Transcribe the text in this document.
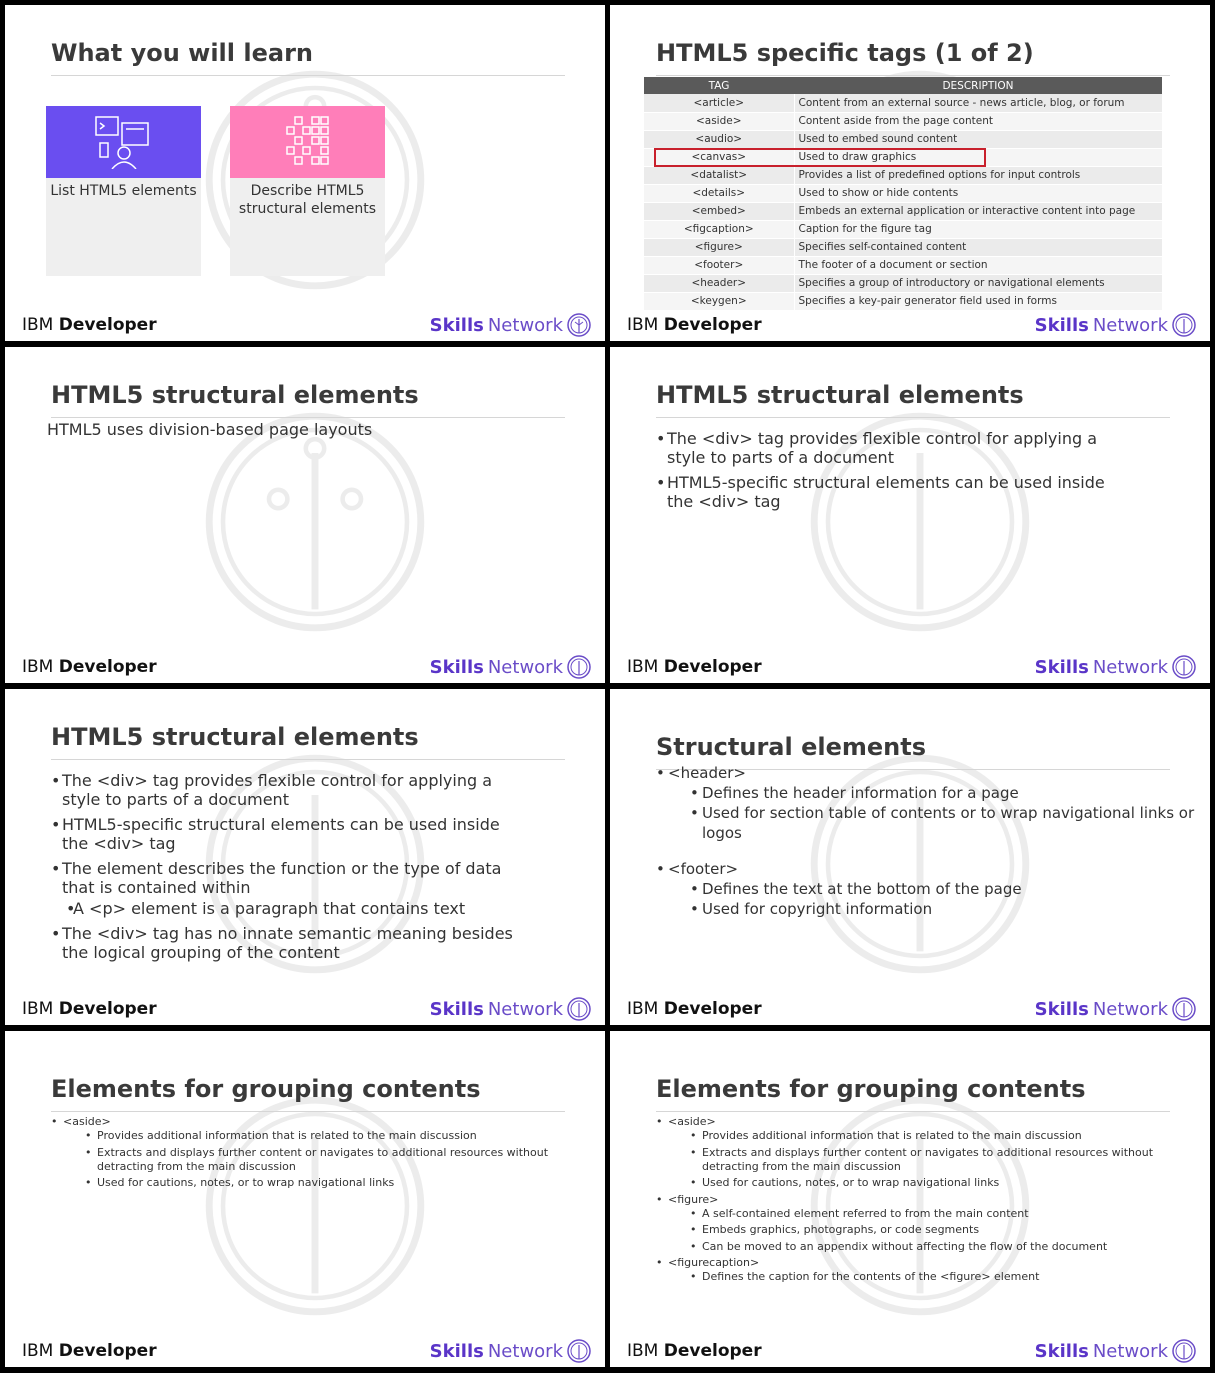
What you will learn
List HTML5 elements	Describe HTML5 structural elements
IBM Developer	Skills Network
HTML5 specific tags (1 of 2)
TAG	DESCRIPTION
<article>	Content from an external source - news article, blog, or forum
<aside>	Content aside from the page content
<audio>	Used to embed sound content
<canvas>	Used to draw graphics
<datalist>	Provides a list of predefined options for input controls
<details>	Used to show or hide contents
<embed>	Embeds an external application or interactive content into page
<figcaption>	Caption for the figure tag
<figure>	Specifies self-contained content
<footer>	The footer of a document or section
<header>	Specifies a group of introductory or navigational elements
<keygen>	Specifies a key-pair generator field used in forms
IBM Developer	Skills Network
HTML5 structural elements
HTML5 uses division-based page layouts
IBM Developer	Skills Network
HTML5 structural elements
• The <div> tag provides flexible control for applying a style to parts of a document
• HTML5-specific structural elements can be used inside the <div> tag
IBM Developer	Skills Network
HTML5 structural elements
• The <div> tag provides flexible control for applying a style to parts of a document
• HTML5-specific structural elements can be used inside the <div> tag
• The element describes the function or the type of data that is contained within
• A <p> element is a paragraph that contains text
• The <div> tag has no innate semantic meaning besides the logical grouping of the content
IBM Developer	Skills Network
Structural elements
• <header>
• Defines the header information for a page
• Used for section table of contents or to wrap navigational links or logos
• <footer>
• Defines the text at the bottom of the page
• Used for copyright information
IBM Developer	Skills Network
Elements for grouping contents
• <aside>
• Provides additional information that is related to the main discussion
• Extracts and displays further content or navigates to additional resources without detracting from the main discussion
• Used for cautions, notes, or to wrap navigational links
IBM Developer	Skills Network
Elements for grouping contents
• <aside>
• Provides additional information that is related to the main discussion
• Extracts and displays further content or navigates to additional resources without detracting from the main discussion
• Used for cautions, notes, or to wrap navigational links
• <figure>
• A self-contained element referred to from the main content
• Embeds graphics, photographs, or code segments
• Can be moved to an appendix without affecting the flow of the document
• <figurecaption>
• Defines the caption for the contents of the <figure> element
IBM Developer	Skills Network
